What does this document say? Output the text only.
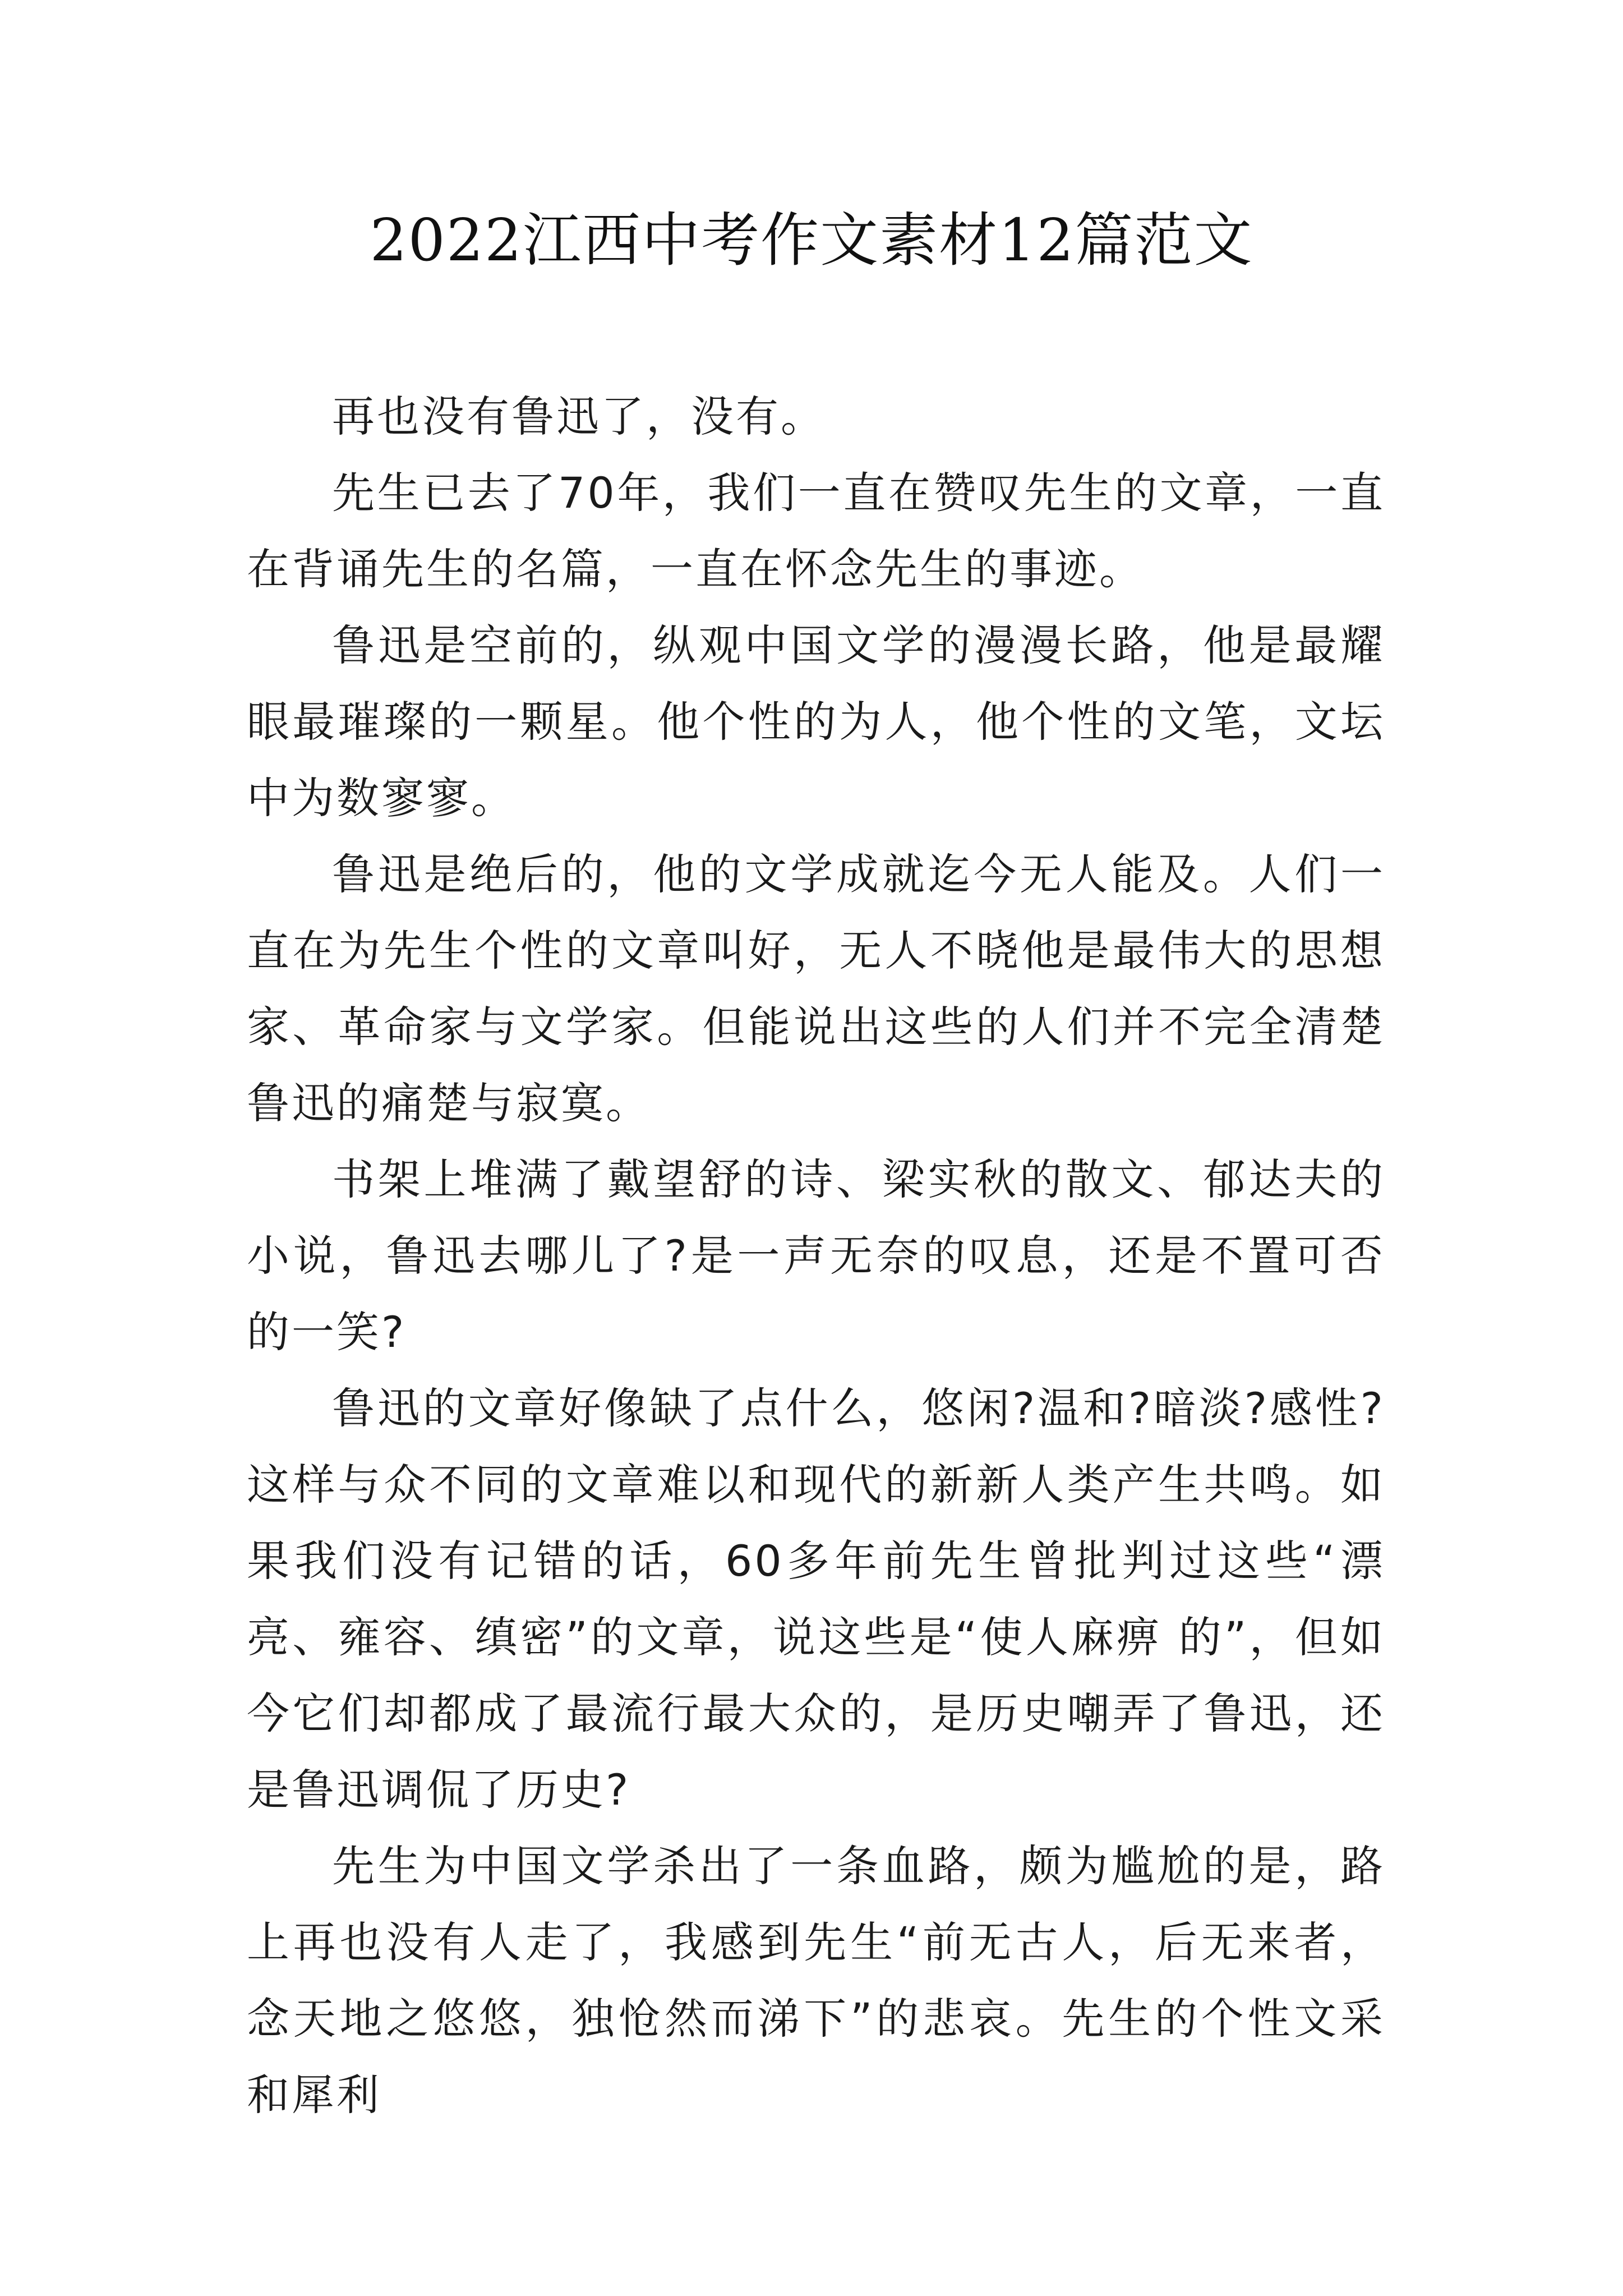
2022江西中考作文素材12篇范文

再也没有鲁迅了，没有。

先生已去了70年，我们一直在赞叹先生的文章，一直在背诵先生的名篇，一直在怀念先生的事迹。

鲁迅是空前的，纵观中国文学的漫漫长路，他是最耀眼最璀璨的一颗星。他个性的为人，他个性的文笔，文坛中为数寥寥。

鲁迅是绝后的，他的文学成就迄今无人能及。人们一直在为先生个性的文章叫好，无人不晓他是最伟大的思想家、革命家与文学家。但能说出这些的人们并不完全清楚鲁迅的痛楚与寂寞。

书架上堆满了戴望舒的诗、梁实秋的散文、郁达夫的小说，鲁迅去哪儿了?是一声无奈的叹息，还是不置可否的一笑?

鲁迅的文章好像缺了点什么，悠闲?温和?暗淡?感性?这样与众不同的文章难以和现代的新新人类产生共鸣。如果我们没有记错的话，60多年前先生曾批判过这些“漂亮、雍容、缜密”的文章，说这些是“使人麻痹 的”，但如今它们却都成了最流行最大众的，是历史嘲弄了鲁迅，还是鲁迅调侃了历史?

先生为中国文学杀出了一条血路，颇为尴尬的是，路上再也没有人走了，我感到先生“前无古人，后无来者，念天地之悠悠，独怆然而涕下”的悲哀。先生的个性文采和犀利
